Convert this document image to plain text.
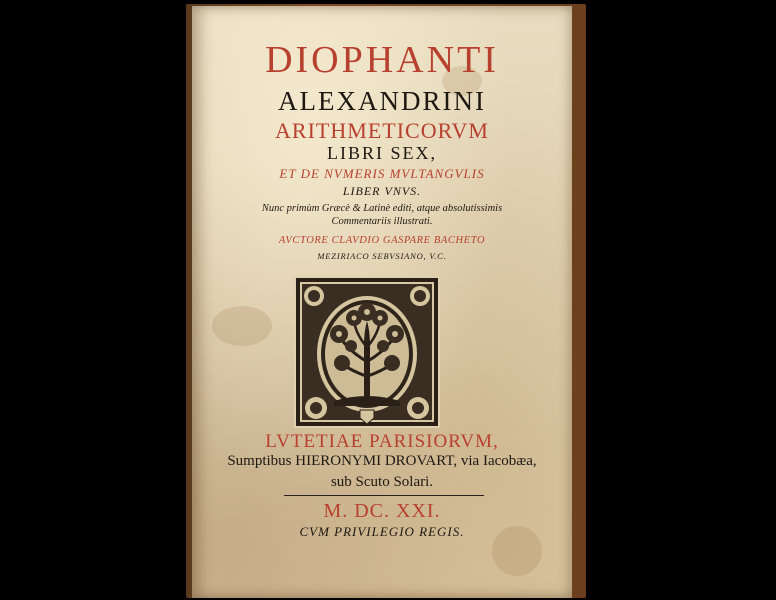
DIOPHANTI
ALEXANDRINI
ARITHMETICORVM
LIBRI SEX,
ET DE NVMERIS MVLTANGVLIS
LIBER VNVS.
Nunc primùm Græcè & Latinè editi, atque absolutissimis
Commentariis illustrati.
AVCTORE CLAVDIO GASPARE BACHETO
MEZIRIACO SEBVSIANO, V.C.
LVTETIAE PARISIORVM,
Sumptibus HIERONYMI DROVART, via Iacobæa,
sub Scuto Solari.
M. DC. XXI.
CVM PRIVILEGIO REGIS.
